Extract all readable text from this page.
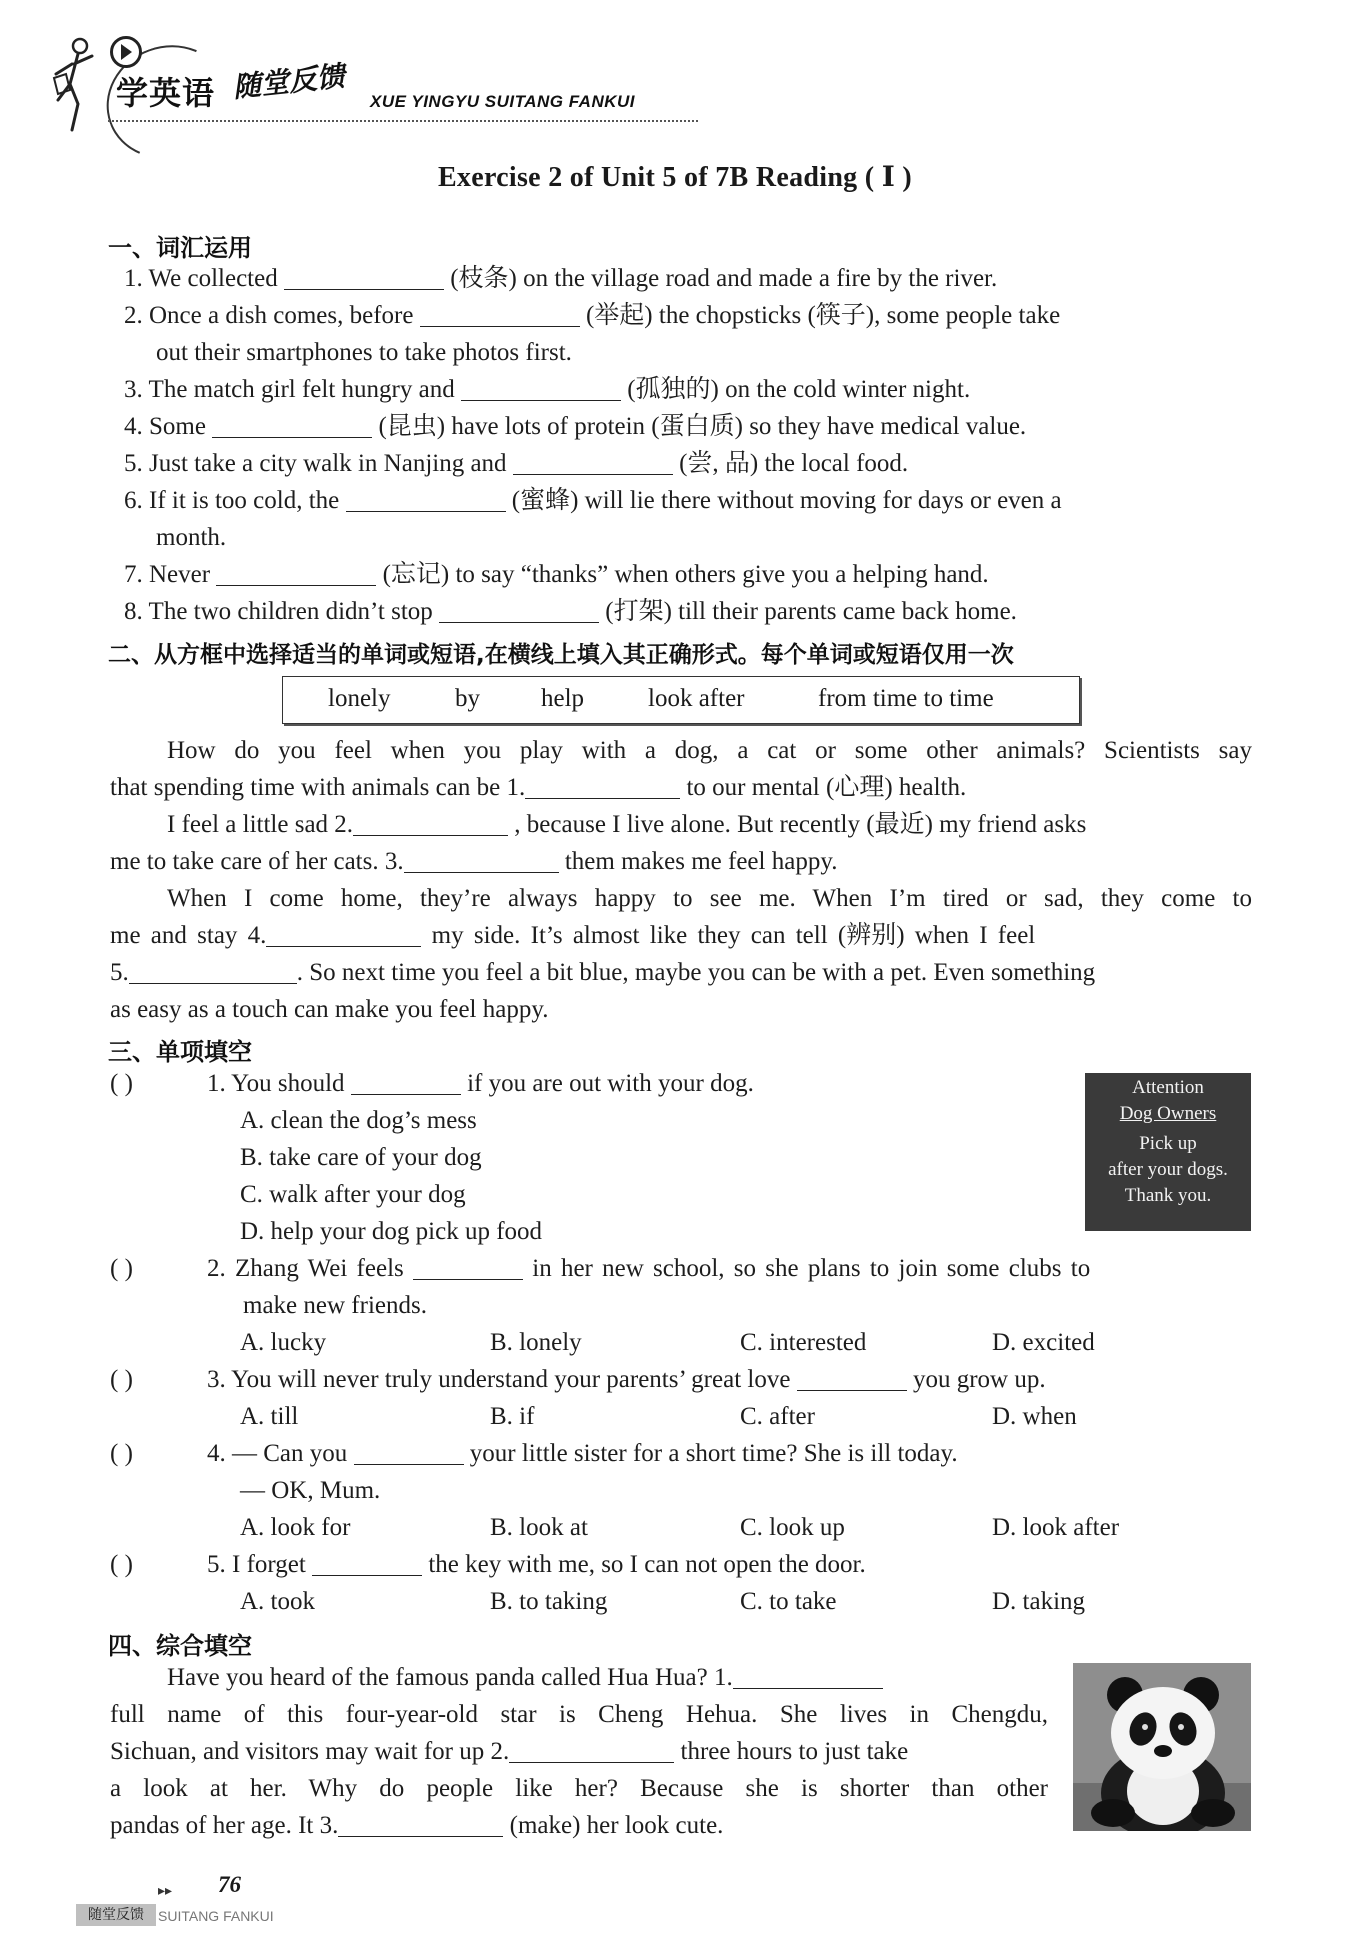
学英语 随堂反馈 XUE YINGYU SUITANG FANKUI
Exercise 2 of Unit 5 of 7B Reading ( Ⅰ )
一、词汇运用
1. We collected	(枝条) on the village road and made a fire by the river.
2. Once a dish comes, before	(举起) the chopsticks (筷子), some people take
out their smartphones to take photos first.
3. The match girl felt hungry and	(孤独的) on the cold winter night.
4. Some	(昆虫) have lots of protein (蛋白质) so they have medical value.
5. Just take a city walk in Nanjing and	(尝, 品) the local food.
6. If it is too cold, the	(蜜蜂) will lie there without moving for days or even a
month.
7. Never	(忘记) to say “thanks” when others give you a helping hand.
8. The two children didn’t stop	(打架) till their parents came back home.
二、从方框中选择适当的单词或短语,在横线上填入其正确形式。每个单词或短语仅用一次
lonely	by help	look after	from time to time
How do you feel when you play with a dog, a cat or some other animals? Scientists say
that spending time with animals can be 1.	to our mental (心理) health.
I feel a little sad 2.	, because I live alone. But recently (最近) my friend asks
me to take care of her cats. 3.	them makes me feel happy.
When I come home, they’re always happy to see me. When I’m tired or sad, they come to
me and stay 4.	my side. It’s almost like they can tell (辨别) when I feel
5.	. So next time you feel a bit blue, maybe you can be with a pet. Even something
as easy as a touch can make you feel happy.
三、单项填空
( )	1. You should	if you are out with your dog.
A. clean the dog’s mess
B. take care of your dog
C. walk after your dog
D. help your dog pick up food
Attention
Dog Owners
Pick up
after your dogs.
Thank you.
( )	2. Zhang Wei feels	in her new school, so she plans to join some clubs to
make new friends.
A. lucky	B. lonely	C. interested	D. excited
( )	3. You will never truly understand your parents’ great love	you grow up.
A. till	B. if	C. after	D. when
( )	4. — Can you	your little sister for a short time? She is ill today.
— OK, Mum.
A. look for	B. look at	C. look up	D. look after
( )	5. I forget	the key with me, so I can not open the door.
A. took	B. to taking	C. to take	D. taking
四、综合填空
Have you heard of the famous panda called Hua Hua? 1.
full name of this four-year-old star is Cheng Hehua. She lives in Chengdu,
Sichuan, and visitors may wait for up 2.	three hours to just take
a look at her. Why do people like her? Because she is shorter than other
pandas of her age. It 3.	(make) her look cute.
▸▸ 76
随堂反馈	SUITANG FANKUI
